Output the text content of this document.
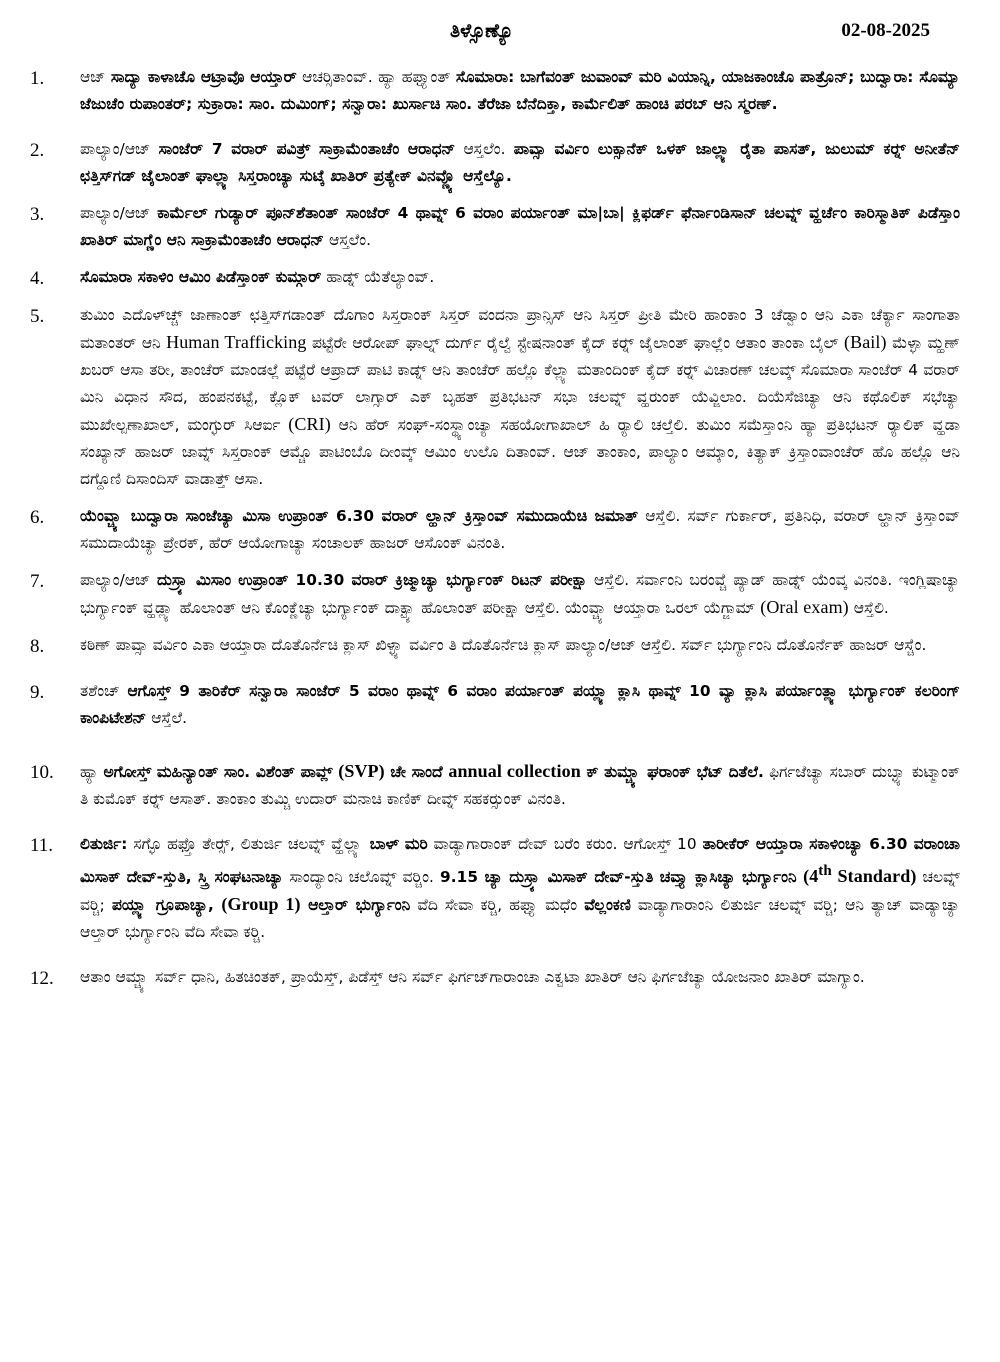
ತಿಳ್ಸೊಣ್ಯೊ	02-08-2025
1.	ಆಜ್ ಸಾದ್ಯಾ ಕಾಳಾಚೊ ಆಟ್ರಾವೊ ಆಯ್ತಾರ್ ಆಚರ್‍ಸಿತಾಂವ್. ಹ್ಯಾ ಹಫ್ತ್ಯಾಂತ್ ಸೊಮಾರಾ: ಬಾಗೆವಂತ್ ಜುವಾಂವ್ ಮರಿ ವಿಯಾನ್ನಿ, ಯಾಜಕಾಂಚೊ ಪಾತ್ರೊನ್; ಬುದ್ವಾರಾ: ಸೊಮ್ಯಾ ಜೆಜುಚೆಂ ರುಪಾಂತರ್; ಸುಕ್ರಾರಾ: ಸಾಂ. ದುಮಿಂಗ್; ಸನ್ವಾರಾ: ಖುರ್ಸಾಚಿ ಸಾಂ. ತೆರೆಜಾ ಬೆನೆದಿಕ್ತಾ, ಕಾರ್ಮೆಲಿತ್ ಹಾಂಚಿ ಪರಬ್ ಆನಿ ಸ್ಮರಣ್.
2.	ಪಾಲ್ಯಾಂ/ಆಜ್ ಸಾಂಜೆರ್ 7 ವರಾರ್ ಪವಿತ್ರ್ ಸಾಕ್ರಾಮೆಂತಾಚೆಂ ಆರಾಧನ್ ಆಸ್ತಲೆಂ. ಪಾವ್ಸಾ ವರ್ವಿಂ ಲುಕ್ಸಾನೆಕ್ ಒಳಕ್ ಜಾಲ್ಲ್ಯಾ ರೈತಾ ಪಾಸತ್, ಜುಲುಮ್ ಕರ್‍ನ್ ಅನೀತೆನ್ ಛತ್ತಿಸ್‌ಗಡ್ ಜೈಲಾಂತ್ ಘಾಲ್ಲ್ಯಾ ಸಿಸ್ತರಾಂಚ್ಯಾ ಸುಟ್ಕೆ ಖಾತಿರ್ ಪ್ರತ್ಯೇಕ್ ವಿನವ್ಣ್ಯೊ ಆಸ್ತೆಲ್ಯೊ.
3.	ಪಾಲ್ಯಾಂ/ಆಜ್ ಕಾರ್ಮೆಲ್ ಗುಡ್ಯಾರ್ ಪೂನ್‌ಶೆತಾಂತ್ ಸಾಂಜೆರ್ 4 ಥಾವ್ನ್ 6 ವರಾಂ ಪರ್ಯಾಂತ್ ಮಾ|ಬಾ| ಕ್ಲಿಫರ್ಡ್ ಫೆರ್ನಾಂಡಿಸಾನ್ ಚಲವ್ನ್ ವ್ಹರ್ಚೆಂ ಕಾರಿಸ್ಮಾತಿಕ್ ಪಿಡೆಸ್ತಾಂ ಖಾತಿರ್ ಮಾಗ್ಣೆಂ ಆನಿ ಸಾಕ್ರಾಮೆಂತಾಚೆಂ ಆರಾಧನ್ ಆಸ್ತಲೆಂ.
4.	ಸೊಮಾರಾ ಸಕಾಳಿಂ ಆಮಿಂ ಪಿಡೆಸ್ತಾಂಕ್ ಕುಮ್ಗಾರ್ ಹಾಡ್ನ್ ಯೆತೆಲ್ಯಾಂವ್.
5.	ತುಮಿಂ ಎದೊಳ್‌ಚ್ಚ್ ಜಾಣಾಂತ್ ಛತ್ತಿಸ್‌ಗಡಾಂತ್ ದೊಗಾಂ ಸಿಸ್ತರಾಂಕ್ ಸಿಸ್ತರ್ ವಂದನಾ ಪ್ರಾನ್ಸಿಸ್ ಆನಿ ಸಿಸ್ತರ್ ಪ್ರೀತಿ ಮೇರಿ ಹಾಂಕಾಂ 3 ಚೆಡ್ವಾಂ ಆನಿ ಎಕಾ ಚೆರ್ಕ್ಯಾ ಸಾಂಗಾತಾ ಮತಾಂತರ್ ಆನಿ Human Trafficking ಪಟ್ಟೆರೇ ಆರೋಪ್ ಘಾಲ್ನ್ ದುರ್ಗ್ ರೈಲ್ವೆ ಸ್ಟೇಷನಾಂತ್ ಕೈದ್ ಕರ್‍ನ್ ಜೈಲಾಂತ್ ಘಾಲ್ಲೆಂ ಆತಾಂ ತಾಂಕಾ ಬೈಲ್ (Bail) ಮೆಳ್ಳಾ ಮ್ಹಣ್ ಖಬರ್ ಆಸಾ ತರೀ, ತಾಂಚೆರ್ ಮಾಂಡಲ್ಲೆ ಪಟ್ಟೆರೆ ಆಪ್ರಾದ್ ಪಾಟಿ ಕಾಡ್ನ್ ಆನಿ ತಾಂಚೆರ್ ಹಲ್ಲೊ ಕೆಲ್ಲ್ಯಾ ಮತಾಂದಿಂಕ್ ಕೈದ್ ಕರ್‍ನ್ ವಿಚಾರಣ್ ಚಲವ್ಕ್ ಸೊಮಾರಾ ಸಾಂಜೆರ್ 4 ವರಾರ್ ಮಿನಿ ವಿಧಾನ ಸೌದ, ಹಂಪನಕಟ್ಟೆ, ಕ್ಲೊಕ್ ಟವರ್ ಲಾಗ್ಸಾರ್ ಎಕ್ ಬೃಹತ್ ಪ್ರತಿಭಟನ್ ಸಭಾ ಚಲವ್ನ್ ವ್ಹರುಂಕ್ ಯೆವ್ಜಿಲಾಂ. ದಿಯೆಸೆಜಿಚ್ಯಾ ಆನಿ ಕಥೊಲಿಕ್ ಸಭೆಚ್ಯಾ ಮುಖೇಲ್ಪಣಾಖಾಲ್, ಮಂಗ್ಳುರ್ ಸಿಆರ್ಐ (CRI) ಆನಿ ಹೆರ್ ಸಂಘ್-ಸಂಸ್ಥ್ಯಾಂಚ್ಯಾ ಸಹಯೋಗಾಖಾಲ್ ಹಿ ರ್‍ಯಾಲಿ ಚಲ್ತೆಲಿ. ತುಮಿಂ ಸಮೆಸ್ತಾಂನಿ ಹ್ಯಾ ಪ್ರತಿಭಟನ್ ರ್‍ಯಾಲಿಕ್ ವ್ಹಡಾ ಸಂಖ್ಯಾನ್ ಹಾಜರ್ ಜಾವ್ನ್ ಸಿಸ್ತರಾಂಕ್ ಆಮ್ಚೊ ಪಾಟಿಂಬೊ ದೀಂವ್ಕ್ ಆಮಿಂ ಉಲೊ ದಿತಾಂವ್. ಆಜ್ ತಾಂಕಾಂ, ಪಾಲ್ಯಾಂ ಆಮ್ಕಾಂ, ಕಿತ್ಯಾಕ್ ಕ್ರಿಸ್ತಾಂವಾಂಚೆರ್ ಹೊ ಹಲ್ಲೊ ಆನಿ ದಗ್ದೊಣಿ ದಿಸಾಂದಿಸ್ ವಾಡಾತ್ತ್ ಆಸಾ.
6.	ಯೆಂವ್ಚ್ಯಾ ಬುದ್ವಾರಾ ಸಾಂಜೆಚ್ಯಾ ಮಿಸಾ ಉಪ್ರಾಂತ್ 6.30 ವರಾರ್ ಲ್ಹಾನ್ ಕ್ರಿಸ್ತಾಂವ್ ಸಮುದಾಯೆಚಿ ಜಮಾತ್ ಆಸ್ತೆಲಿ. ಸರ್ವ್ ಗುರ್ಕಾರ್, ಪ್ರತಿನಿಧಿ, ವರಾರ್ ಲ್ಹಾನ್ ಕ್ರಿಸ್ತಾಂವ್ ಸಮುದಾಯೆಚ್ಯಾ ಪ್ರೇರಕ್, ಹೆರ್ ಆಯೋಗಾಚ್ಯಾ ಸಂಚಾಲಕ್ ಹಾಜರ್ ಆಸೊಂಕ್ ವಿನಂತಿ.
7.	ಪಾಲ್ಯಾಂ/ಆಜ್ ದುಸ್ರ್ಯಾ ಮಿಸಾಂ ಉಪ್ರಾಂತ್ 10.30 ವರಾರ್ ಕ್ರಿಜ್ಮಾಚ್ಯಾ ಭುರ್ಗ್ಯಾಂಕ್ ರಿಟನ್ ಪರೀಕ್ಷಾ ಆಸ್ತೆಲಿ. ಸರ್ವಾಂನಿ ಬರಂವ್ಚೆ ಪ್ಯಾಡ್ ಹಾಡ್ನ್ ಯೆಂವ್ಕ ವಿನಂತಿ. ಇಂಗ್ಲಿಷಾಚ್ಯಾ ಭುರ್ಗ್ಯಾಂಕ್ ವ್ಹಡ್ಲ್ಯಾ ಹೊಲಾಂತ್ ಆನಿ ಕೊಂಕ್ಣೆಚ್ಯಾ ಭುರ್ಗ್ಯಾಂಕ್ ದಾಕ್ಟ್ಯಾ ಹೊಲಾಂತ್ ಪರೀಕ್ಷಾ ಆಸ್ತೆಲಿ. ಯೆಂವ್ಚ್ಯಾ ಆಯ್ತಾರಾ ಒರಲ್ ಯೆಗ್ಜಾಮ್ (Oral exam) ಆಸ್ತೆಲಿ.
8.	ಕಠಿಣ್ ಪಾವ್ಸಾ ವರ್ವಿಂ ಎಕಾ ಆಯ್ತಾರಾ ದೊತೊರ್ನೆಚಿ ಕ್ಲಾಸ್ ಖಿಳ್ಳ್ಯಾ ವರ್ವಿಂ ತಿ ದೊತೊರ್ನೆಚಿ ಕ್ಲಾಸ್ ಪಾಲ್ಯಾಂ/ಆಜ್ ಆಸ್ತೆಲಿ. ಸರ್ವ್ ಭುರ್ಗ್ಯಾಂನಿ ದೊತೊರ್ನೆಕ್ ಹಾಜರ್ ಆಸ್ಚೆಂ.
9.	ತಶೆಂಚ್ ಆಗೊಸ್ತ್ 9 ತಾರಿಕೆರ್ ಸನ್ವಾರಾ ಸಾಂಜೆರ್ 5 ವರಾಂ ಥಾವ್ನ್ 6 ವರಾಂ ಪರ್ಯಾಂತ್ ಪಯ್ಲ್ಯಾ ಕ್ಲಾಸಿ ಥಾವ್ನ್ 10 ವ್ಯಾ ಕ್ಲಾಸಿ ಪರ್ಯಾಂತ್ಲ್ಯಾ ಭುರ್ಗ್ಯಾಂಕ್ ಕಲರಿಂಗ್ ಕಾಂಪಿಟೇಶನ್ ಆಸ್ತೆಲೆ.
10.	ಹ್ಯಾ ಅಗೋಸ್ತ್ ಮಹಿನ್ಯಾಂತ್ ಸಾಂ. ವಿಶೆಂತ್ ಪಾವ್ಲ್ (SVP) ಚೇ ಸಾಂದೆ annual collection ಕ್ ತುಮ್ಚ್ಯಾ ಘರಾಂಕ್ ಭೆಟ್ ದಿತೆಲೆ. ಫಿರ್ಗಜೆಚ್ಯಾ ಸಬಾರ್ ದುಬ್ಳ್ಯಾ ಕುಟ್ಮಾಂಕ್ ತಿ ಕುಮೊಕ್ ಕರ್‍ನ್ ಆಸಾತ್. ತಾಂಕಾಂ ತುಮ್ಚಿ ಉದಾರ್ ಮನಾಚಿ ಕಾಣಿಕ್ ದೀವ್ನ್ ಸಹಕರ್‍ಸುಂಕ್ ವಿನಂತಿ.
11.	ಲಿತುರ್ಜಿ: ಸಗ್ಳೊ ಹಫ್ತೊ ತೇರ್‍ಸ್, ಲಿತುರ್ಜಿ ಚಲವ್ನ್ ವ್ಹೆಲ್ಲ್ಯಾ ಬಾಳ್ ಮರಿ ವಾಡ್ಯಾಗಾರಾಂಕ್ ದೇವ್ ಬರೆಂ ಕರುಂ. ಆಗೋಸ್ತ್ 10 ತಾರೀಕೆರ್ ಆಯ್ತಾರಾ ಸಕಾಳಿಂಚ್ಯಾ 6.30 ವರಾಂಚಾ ಮಿಸಾಕ್ ದೇವ್-ಸ್ತುತಿ, ಸ್ತ್ರಿ ಸಂಘಟನಾಚ್ಯಾ ಸಾಂದ್ಯಾಂನಿ ಚಲೊವ್ನ್ ವರ್‍ಚಿಂ. 9.15 ಚ್ಯಾ ದುಸ್ರ್ಯಾ ಮಿಸಾಕ್ ದೇವ್-ಸ್ತುತಿ ಚವ್ತ್ಯಾ ಕ್ಲಾಸಿಚ್ಯಾ ಭುರ್ಗ್ಯಾಂನಿ (4th Standard) ಚಲವ್ನ್ ವರ್‍ಚಿ; ಪಯ್ಲ್ಯಾ ಗ್ರೂಪಾಚ್ಯಾ, (Group 1) ಆಲ್ತಾರ್ ಭುರ್ಗ್ಯಾಂನಿ ವೆದಿ ಸೇವಾ ಕರ್‍ಚಿ, ಹಫ್ತ್ಯಾ ಮಧೆಂ ವೆಲ್ಲಂಕಣಿ ವಾಡ್ಯಾಗಾರಾಂನಿ ಲಿತುರ್ಜಿ ಚಲವ್ನ್ ವರ್‍ಚಿ; ಆನಿ ತ್ಯಾಚ್ ವಾಡ್ಯಾಚ್ಯಾ ಆಲ್ತಾರ್ ಭುರ್ಗ್ಯಾಂನಿ ವೆದಿ ಸೇವಾ ಕರ್‍ಚಿ.
12.	ಆತಾಂ ಆಮ್ಚ್ಯಾ ಸರ್ವ್ ಧಾನಿ, ಹಿತಚಿಂತಕ್, ಪ್ರಾಯೆಸ್ತ್, ಪಿಡೆಸ್ತ್ ಆನಿ ಸರ್ವ್ ಫಿರ್ಗಜ್‌ಗಾರಾಂಚಾ ಎಕ್ವಟಾ ಖಾತಿರ್ ಆನಿ ಫಿರ್ಗಜೆಚ್ಯಾ ಯೋಜನಾಂ ಖಾತಿರ್ ಮಾಗ್ಯಾಂ.
